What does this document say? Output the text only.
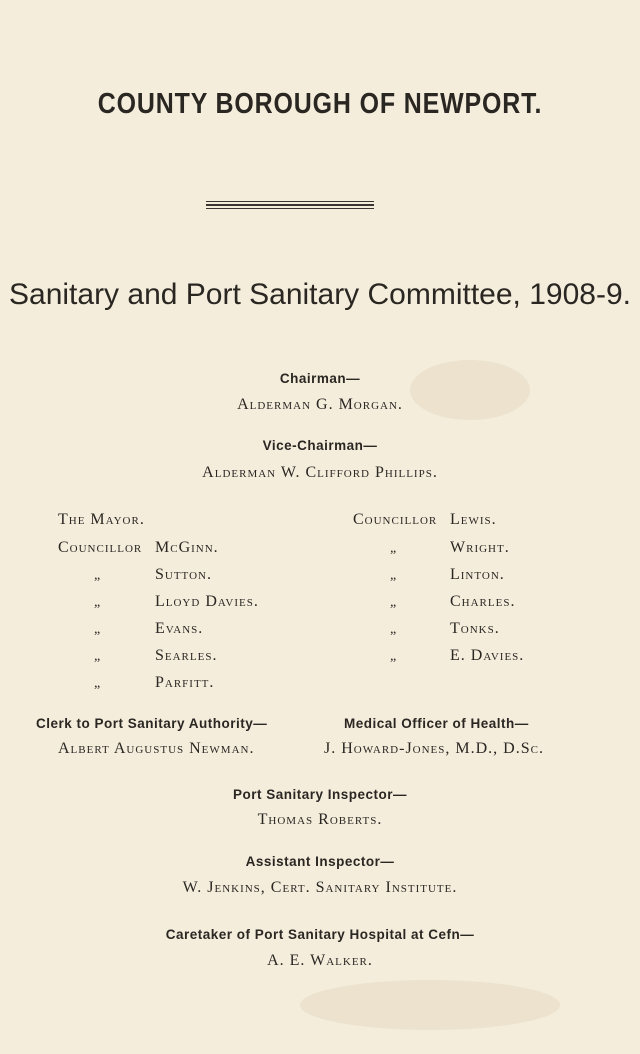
COUNTY BOROUGH OF NEWPORT.
Sanitary and Port Sanitary Committee, 1908-9.
Chairman—
Alderman G. Morgan.
Vice-Chairman—
Alderman W. Clifford Phillips.
The Mayor.
Councillor McGinn.
„	Sutton.
„	Lloyd Davies.
„	Evans.
„	Searles.
„	Parfitt.
Councillor Lewis.
„	Wright.
„	Linton.
„	Charles.
„	Tonks.
„	E. Davies.
Clerk to Port Sanitary Authority—
Albert Augustus Newman.
Medical Officer of Health—
J. Howard-Jones, M.D., D.Sc.
Port Sanitary Inspector—
Thomas Roberts.
Assistant Inspector—
W. Jenkins, Cert. Sanitary Institute.
Caretaker of Port Sanitary Hospital at Cefn—
A. E. Walker.
